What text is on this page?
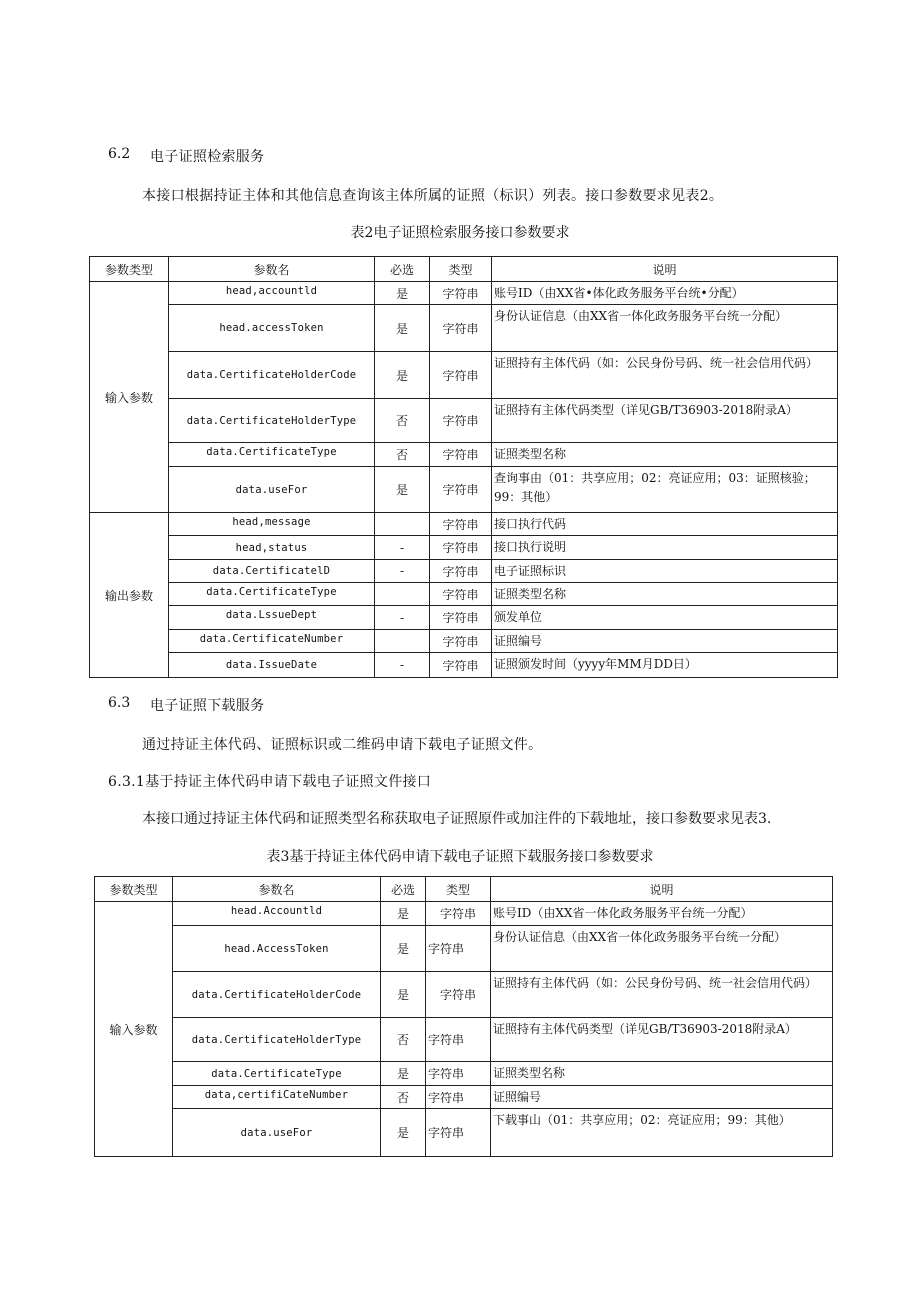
6.2 电子证照检索服务
本接口根据持证主体和其他信息查询该主体所属的证照（标识）列表。接口参数要求见表2。
表2电子证照检索服务接口参数要求
参数类型	参数名	必选	类型	说明
输入参数	head,accountld	是	字符串	账号ID（由XX省•体化政务服务平台统•分配）
	head.accessToken	是	字符串	身份认证信息（由XX省一体化政务服务平台统一分配）
	data.CertificateHolderCode	是	字符串	证照持有主体代码（如：公民身份号码、统一社会信用代码）
	data.CertificateHolderType	否	字符串	证照持有主体代码类型（详见GB/T36903-2018附录A）
	data.CertificateType	否	字符串	证照类型名称
	data.useFor	是	字符串	查询事由（01：共享应用；02：亮证应用；03：证照核验；99：其他）
输出参数	head,message		字符串	接口执行代码
	head,status	-	字符串	接口执行说明
	data.CertificatelD	-	字符串	电子证照标识
	data.CertificateType		字符串	证照类型名称
	data.LssueDept	-	字符串	颁发单位
	data.CertificateNumber		字符串	证照编号
	data.IssueDate	-	字符串	证照颁发时间（yyyy年MM月DD日）
6.3 电子证照下载服务
通过持证主体代码、证照标识或二维码申请下载电子证照文件。
6.3.1基于持证主体代码申请下载电子证照文件接口
本接口通过持证主体代码和证照类型名称获取电子证照原件或加注件的下载地址，接口参数要求见表3.
表3基于持证主体代码申请下载电子证照下载服务接口参数要求
参数类型	参数名	必选	类型	说明
输入参数	head.Accountld	是	字符串	账号ID（由XX省一体化政务服务平台统一分配）
	head.AccessToken	是	字符串	身份认证信息（由XX省一体化政务服务平台统一分配）
	data.CertificateHolderCode	是	字符串	证照持有主体代码（如：公民身份号码、统一社会信用代码）
	data.CertificateHolderType	否	字符串	证照持有主体代码类型（详见GB/T36903-2018附录A）
	data.CertificateType	是	字符串	证照类型名称
	data,certifiCateNumber	否	字符串	证照编号
	data.useFor	是	字符串	下载事山（01：共享应用；02：亮证应用；99：其他）
